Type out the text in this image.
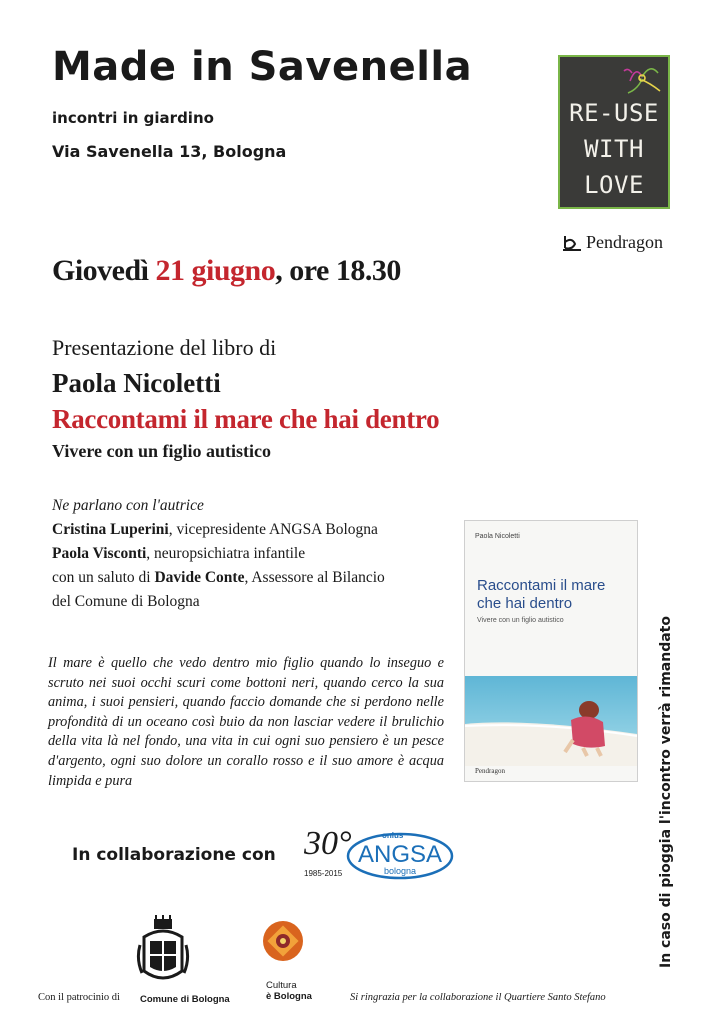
Made in Savenella
incontri in giardino
Via Savenella 13, Bologna
RE-USE
WITH
LOVE
Pendragon
Giovedì 21 giugno, ore 18.30
Presentazione del libro di
Paola Nicoletti
Raccontami il mare che hai dentro
Vivere con un figlio autistico
Ne parlano con l'autrice
Cristina Luperini, vicepresidente ANGSA Bologna
Paola Visconti, neuropsichiatra infantile
con un saluto di Davide Conte, Assessore al Bilancio
del Comune di Bologna
Il mare è quello che vedo dentro mio figlio quando lo inseguo e scruto nei suoi occhi scuri come bottoni neri, quando cerco la sua anima, i suoi pensieri, quando faccio domande che si perdono nelle profondità di un oceano così buio da non lasciar vedere il brulichio della vita là nel fondo, una vita in cui ogni suo pensiero è un pesce d'argento, ogni suo dolore un corallo rosso e il suo amore è acqua limpida e pura
Paola Nicoletti
Raccontami il mare che hai dentro
Vivere con un figlio autistico
Pendragon	In caso di pioggia l'incontro verrà rimandato
In collaborazione con 30°	onlus
ANGSA
bologna
1985-2015
Con il patrocinio di Comune di Bologna
Cultura
è Bologna	Si ringrazia per la collaborazione il Quartiere Santo Stefano
